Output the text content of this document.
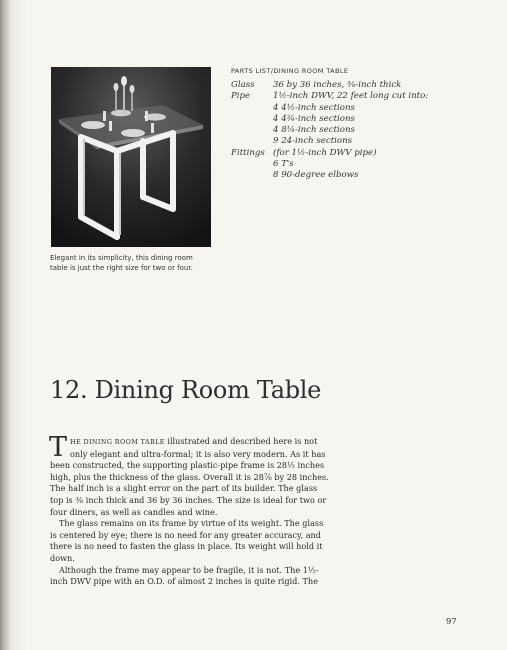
Elegant in its simplicity, this dining room
table is just the right size for two or four.
PARTS LIST/DINING ROOM TABLE
Glass	36 by 36 inches, ⅜-inch thick
Pipe	1½-inch DWV, 22 feet long cut into:
	4 4½-inch sections
	4 4¾-inch sections
	4 8¼-inch sections
	9 24-inch sections
Fittings	(for 1½-inch DWV pipe)
	6 T's
	8 90-degree elbows
12. Dining Room Table

T HE DINING ROOM TABLE illustrated and described here is not
only elegant and ultra-formal; it is also very modern. As it has
been constructed, the supporting plastic-pipe frame is 28½ inches
high, plus the thickness of the glass. Overall it is 28⅞ by 28 inches.
The half inch is a slight error on the part of its builder. The glass
top is ⅜ inch thick and 36 by 36 inches. The size is ideal for two or
four diners, as well as candles and wine.

The glass remains on its frame by virtue of its weight. The glass
is centered by eye; there is no need for any greater accuracy, and
there is no need to fasten the glass in place. Its weight will hold it
down.

Although the frame may appear to be fragile, it is not. The 1½-
inch DWV pipe with an O.D. of almost 2 inches is quite rigid. The

97
